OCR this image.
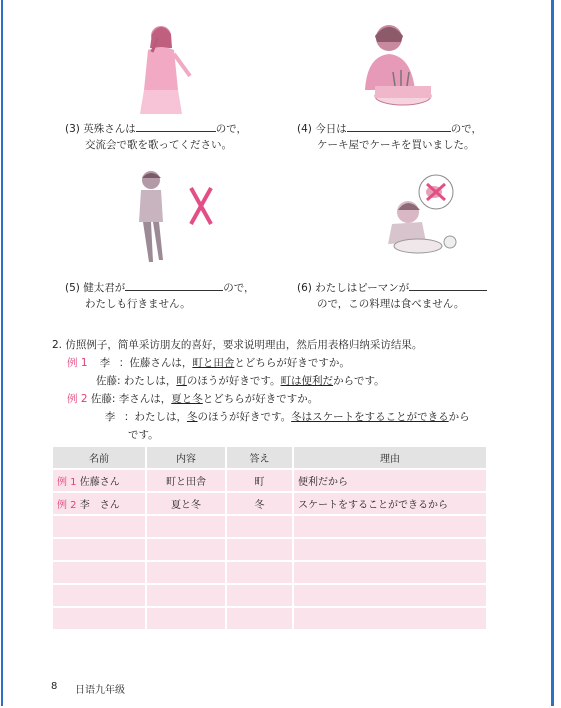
(3) 英殊さんは	ので，
交流会で歌を歌ってください。
(4) 今日は	ので，
ケーキ屋でケーキを買いました。
(5) 健太君が	ので，
わたしも行きません。
(6) わたしはピーマンが
ので，この料理は食べません。
2. 仿照例子，简单采访朋友的喜好，要求说明理由，然后用表格归纳采访结果。
例 1 李 ：佐藤さんは，町と田舎とどちらが好きですか。
佐藤: わたしは，町のほうが好きです。町は便利だからです。
例 2 佐藤: 李さんは，夏と冬とどちらが好きですか。
李 ：わたしは，冬のほうが好きです。冬はスケートをすることができるから
です。
名前	内容	答え	理由
例 1 佐藤さん	町と田舎	町	便利だから
例 2 李　さん	夏と冬	冬	スケートをすることができるから

8 日语九年级
